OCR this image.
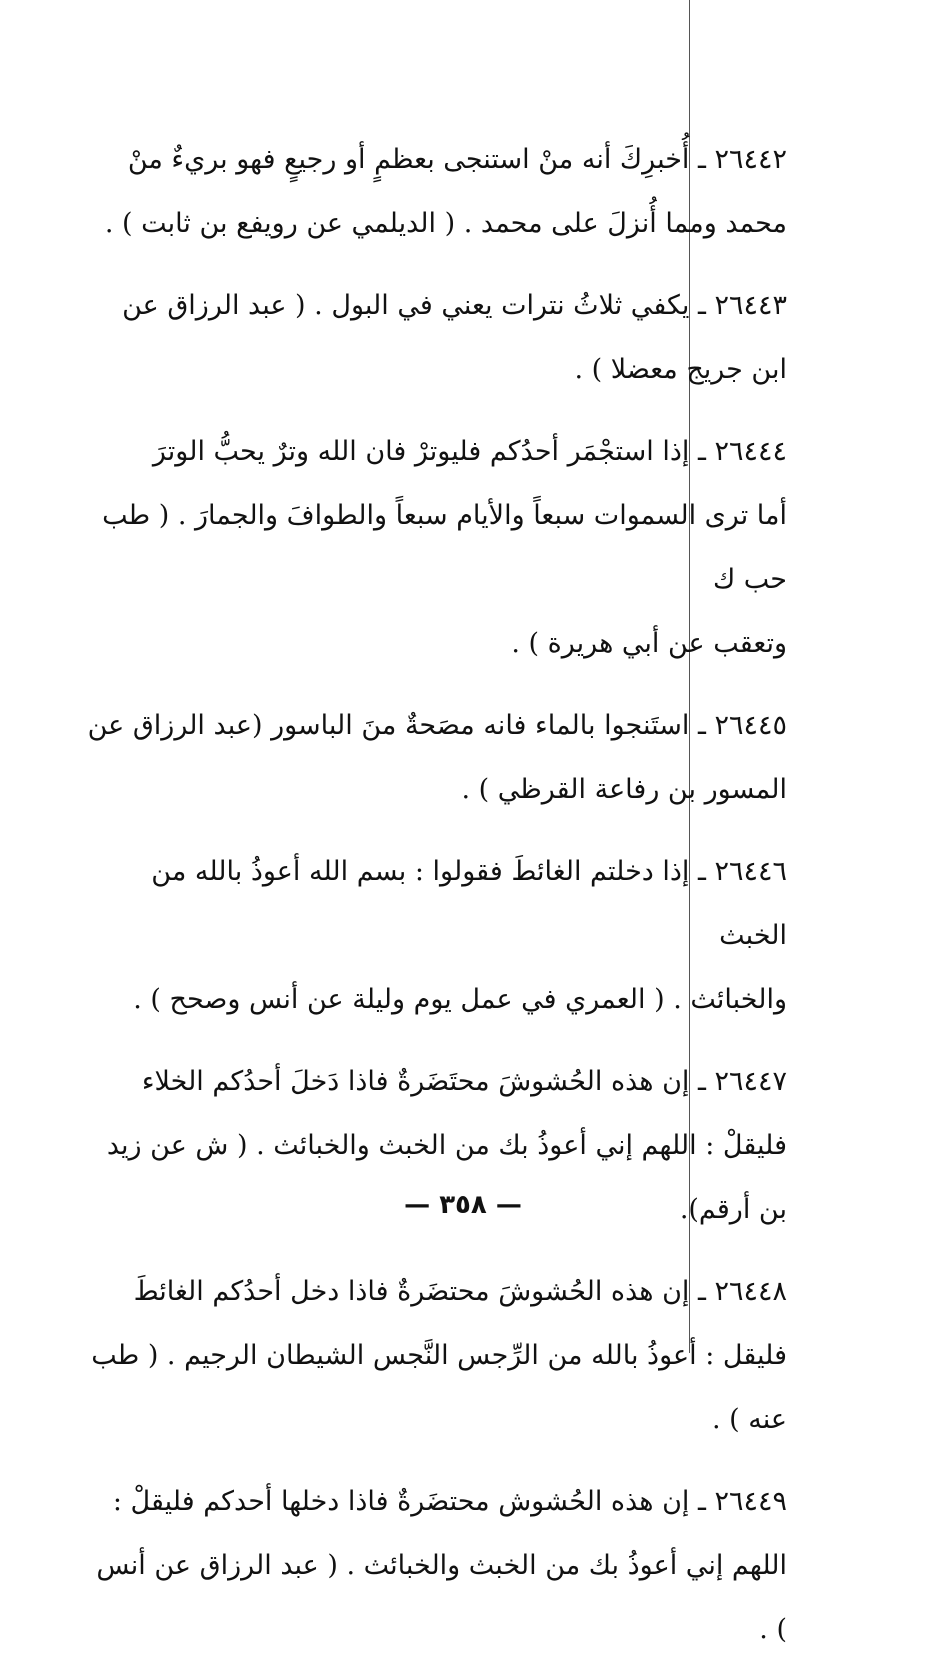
٢٦٤٤٢ ـ أُخبرِكَ أنه منْ استنجى بعظمٍ أو رجيعٍ فهو بريءٌ منْ

محمد ومما أُنزلَ على محمد . ( الديلمي عن رويفع بن ثابت ) .

٢٦٤٤٣ ـ يكفي ثلاثُ نترات يعني في البول . ( عبد الرزاق عن

ابن جريج معضلا ) .

٢٦٤٤٤ ـ إذا استجْمَر أحدُكم فليوترْ فان الله وترٌ يحبُّ الوترَ

أما ترى السموات سبعاً والأيام سبعاً والطوافَ والجمارَ . ( طب حب ك

وتعقب عن أبي هريرة ) .

٢٦٤٤٥ ـ استَنجوا بالماء فانه مصَحةٌ منَ الباسور (عبد الرزاق عن

المسور بن رفاعة القرظي ) .

٢٦٤٤٦ ـ إذا دخلتم الغائطَ فقولوا : بسم الله أعوذُ بالله من الخبث

والخبائث . ( العمري في عمل يوم وليلة عن أنس وصحح ) .

٢٦٤٤٧ ـ إن هذه الحُشوشَ محتَضَرةٌ فاذا دَخلَ أحدُكم الخلاء

فليقلْ : اللهم إني أعوذُ بك من الخبث والخبائث . ( ش عن زيد بن أرقم).

٢٦٤٤٨ ـ إن هذه الحُشوشَ محتضَرةٌ فاذا دخل أحدُكم الغائطَ

فليقل : أعوذُ بالله من الرِّجس النَّجس الشيطان الرجيم . ( طب عنه ) .

٢٦٤٤٩ ـ إن هذه الحُشوش محتضَرةٌ فاذا دخلها أحدكم فليقلْ :

اللهم إني أعوذُ بك من الخبث والخبائث . ( عبد الرزاق عن أنس ) .

— ٣٥٨ —
